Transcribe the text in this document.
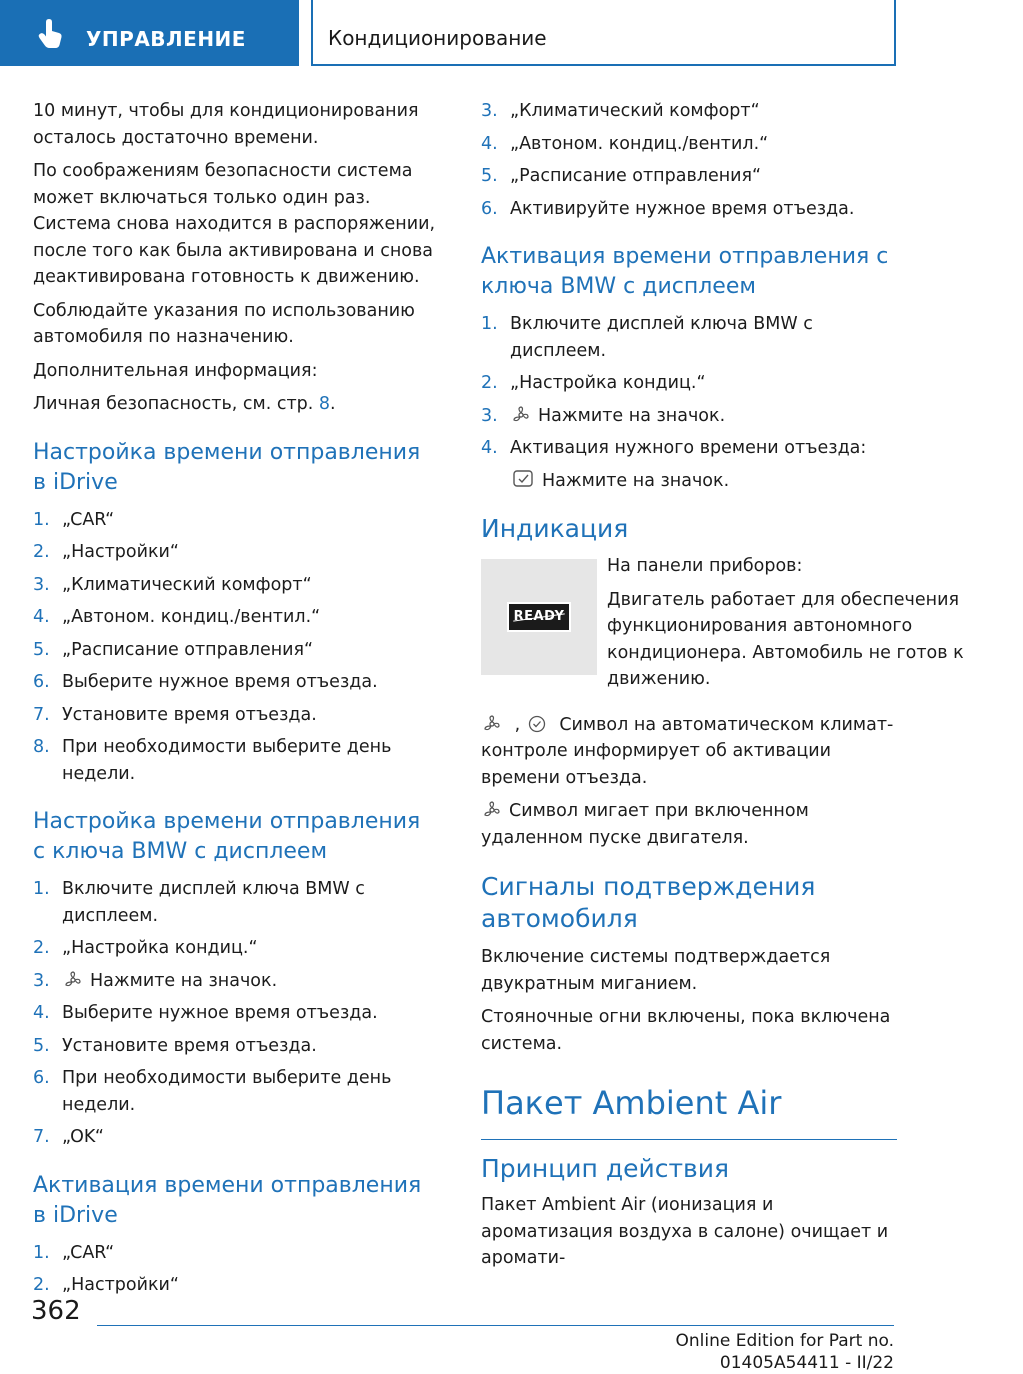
УПРАВЛЕНИЕ	Кондиционирование
10 минут, чтобы для кондиционирования осталось достаточно времени.
По соображениям безопасности система может включаться только один раз. Система снова находится в распоряжении, после того как была активирована и снова деактивирована готовность к движению.
Соблюдайте указания по использованию автомобиля по назначению.
Дополнительная информация:
Личная безопасность, см. стр. 8.
Настройка времени отправления в iDrive
1. „CAR“
2. „Настройки“
3. „Климатический комфорт“
4. „Автоном. кондиц./вентил.“
5. „Расписание отправления“
6. Выберите нужное время отъезда.
7. Установите время отъезда.
8. При необходимости выберите день недели.
Настройка времени отправления с ключа BMW с дисплеем
1. Включите дисплей ключа BMW с дисплеем.
2. „Настройка кондиц.“
3.	Нажмите на значок.
4. Выберите нужное время отъезда.
5. Установите время отъезда.
6. При необходимости выберите день недели.
7. „OK“
Активация времени отправления в iDrive
1. „CAR“
2. „Настройки“
3. „Климатический комфорт“
4. „Автоном. кондиц./вентил.“
5. „Расписание отправления“
6. Активируйте нужное время отъезда.
Активация времени отправления с ключа BMW с дисплеем
1. Включите дисплей ключа BMW с дисплеем.
2. „Настройка кондиц.“
3.	Нажмите на значок.
4. Активация нужного времени отъезда:
Нажмите на значок.
Индикация
READY
На панели приборов:
Двигатель работает для обеспечения функционирования автономного кондиционера. Автомобиль не готов к движению.
, Символ на автоматическом климат-контроле информирует об активации времени отъезда.
Символ мигает при включенном удаленном пуске двигателя.
Сигналы подтверждения автомобиля
Включение системы подтверждается двукратным миганием.
Стояночные огни включены, пока включена система.
Пакет Ambient Air
Принцип действия
Пакет Ambient Air (ионизация и ароматизация воздуха в салоне) очищает и аромати-
362
Online Edition for Part no. 01405A54411 - II/22
